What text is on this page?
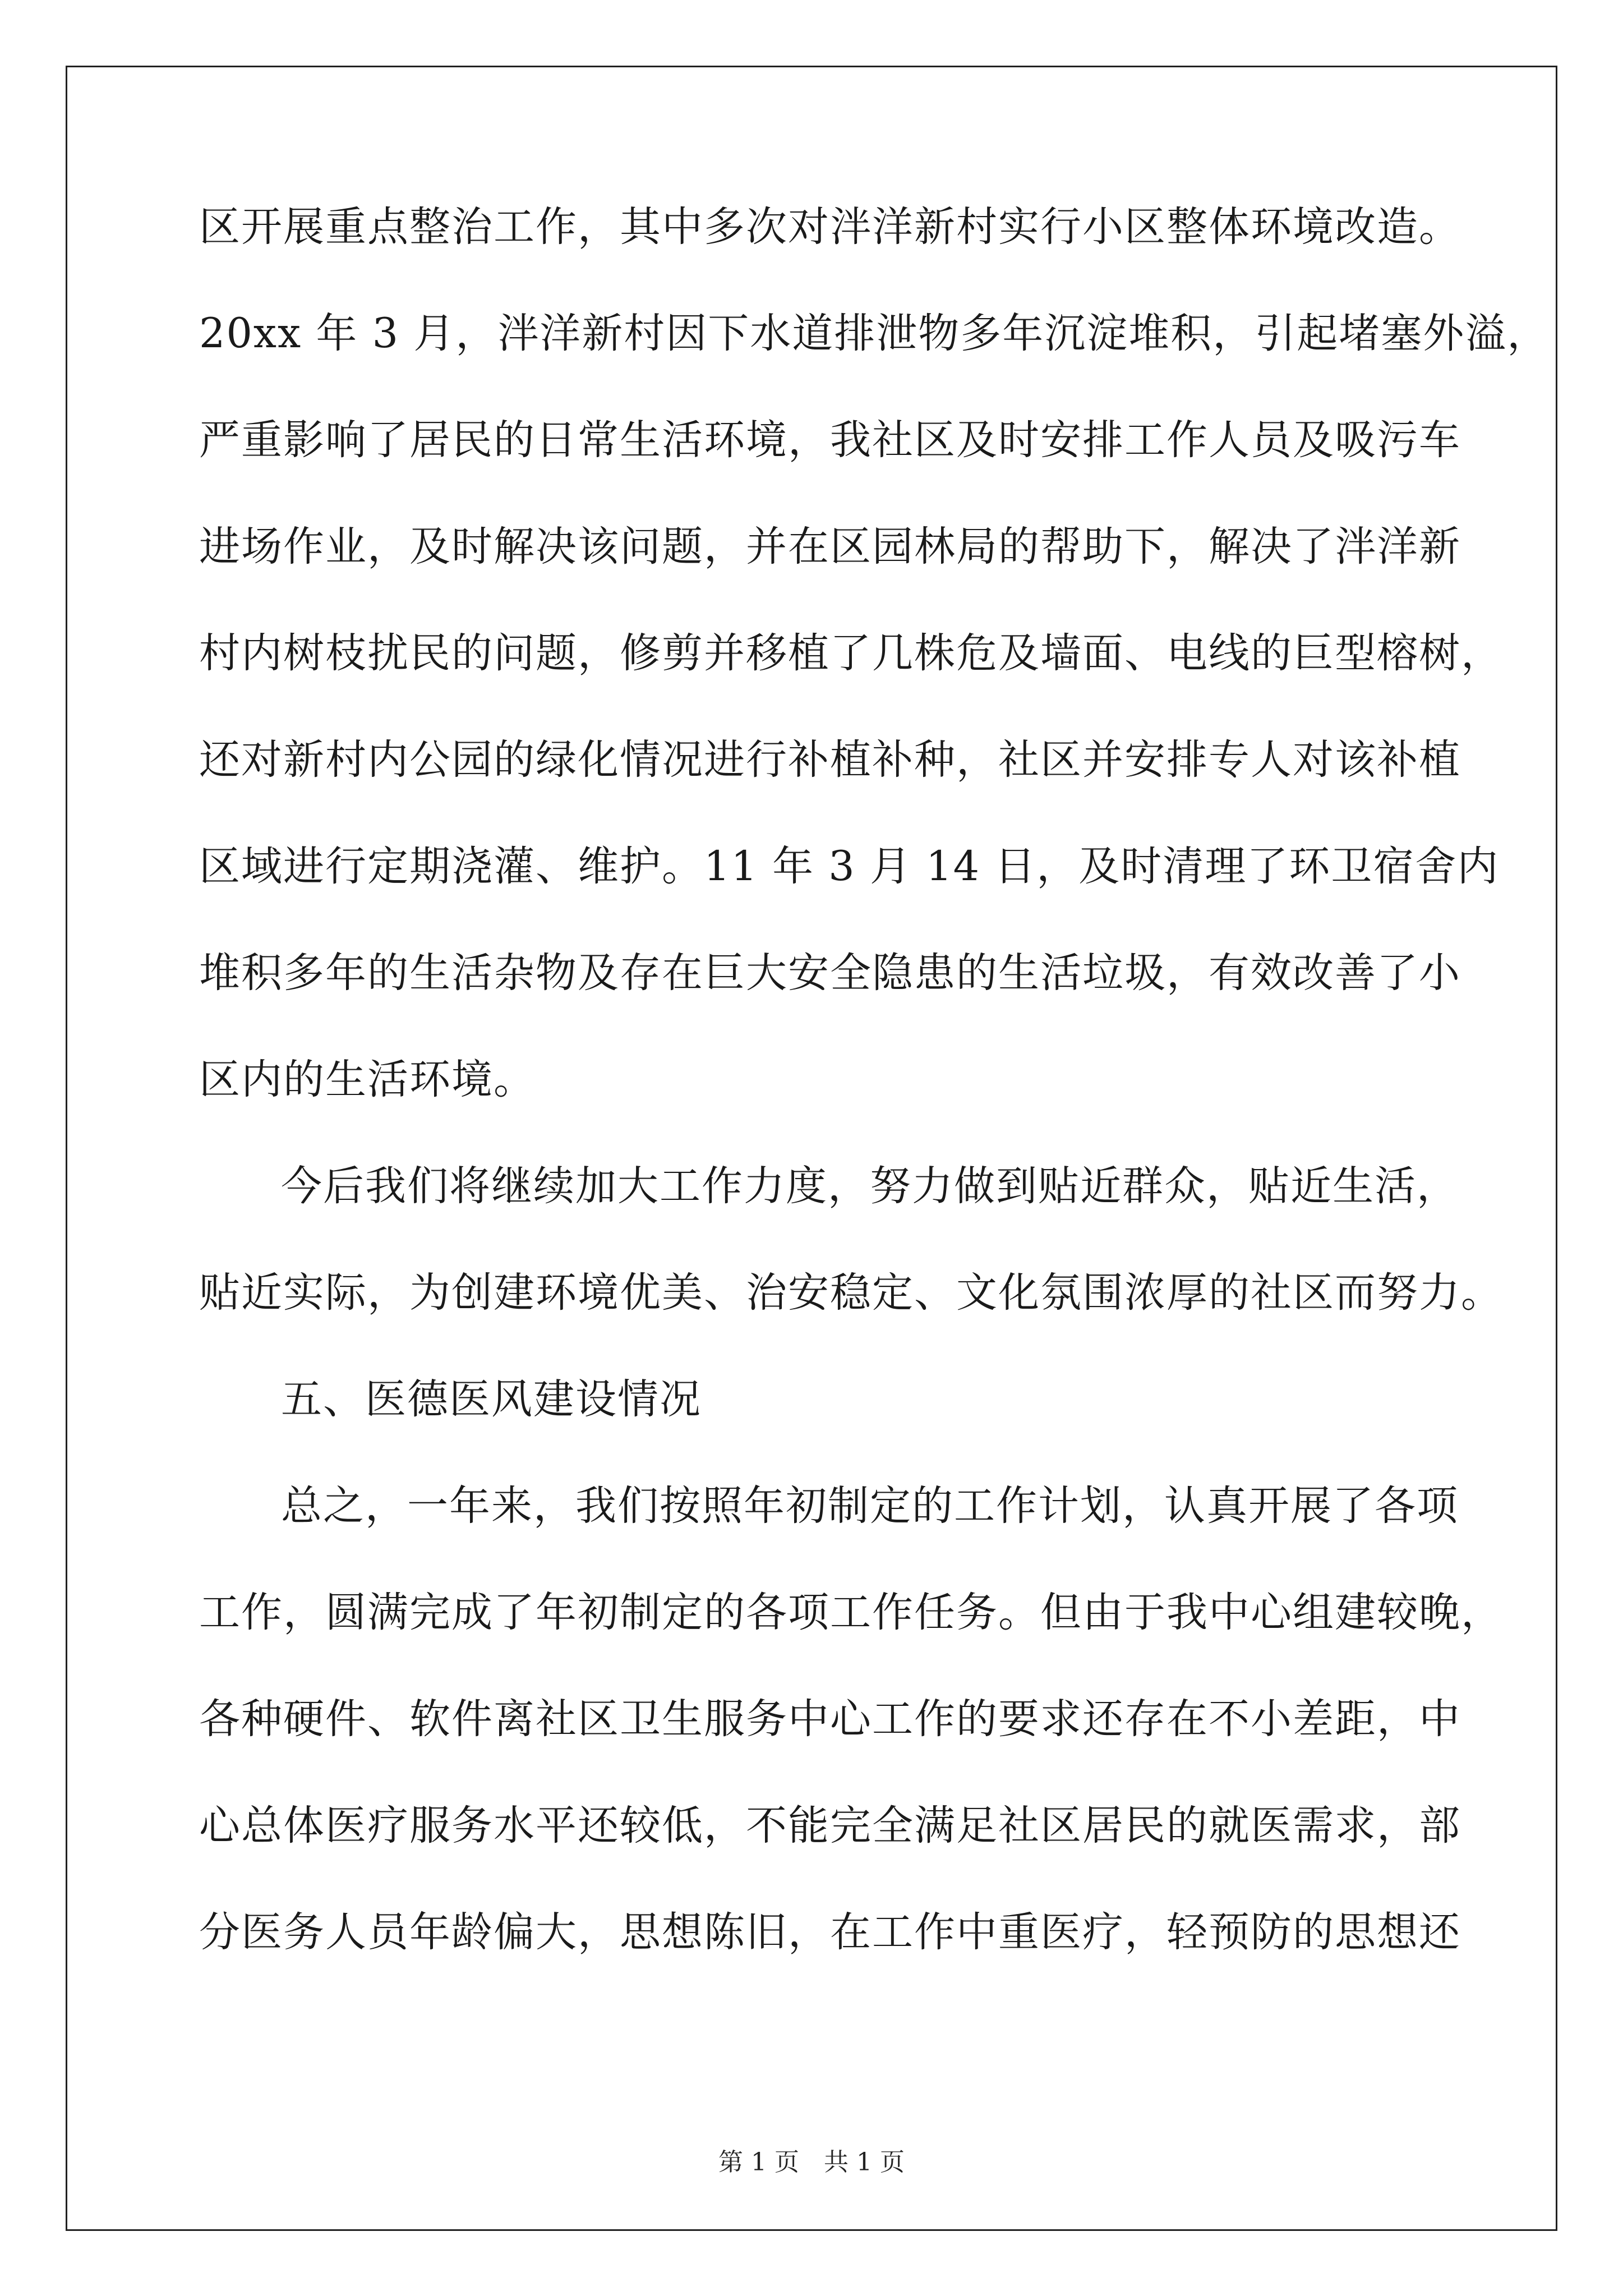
区开展重点整治工作，其中多次对泮洋新村实行小区整体环境改造。
20xx 年 3 月，泮洋新村因下水道排泄物多年沉淀堆积，引起堵塞外溢，
严重影响了居民的日常生活环境，我社区及时安排工作人员及吸污车
进场作业，及时解决该问题，并在区园林局的帮助下，解决了泮洋新
村内树枝扰民的问题，修剪并移植了几株危及墙面、电线的巨型榕树，
还对新村内公园的绿化情况进行补植补种，社区并安排专人对该补植
区域进行定期浇灌、维护。11 年 3 月 14 日，及时清理了环卫宿舍内
堆积多年的生活杂物及存在巨大安全隐患的生活垃圾，有效改善了小
区内的生活环境。
今后我们将继续加大工作力度，努力做到贴近群众，贴近生活，
贴近实际，为创建环境优美、治安稳定、文化氛围浓厚的社区而努力。
五、医德医风建设情况
总之，一年来，我们按照年初制定的工作计划，认真开展了各项
工作，圆满完成了年初制定的各项工作任务。但由于我中心组建较晚，
各种硬件、软件离社区卫生服务中心工作的要求还存在不小差距，中
心总体医疗服务水平还较低，不能完全满足社区居民的就医需求，部
分医务人员年龄偏大，思想陈旧，在工作中重医疗，轻预防的思想还
第 1 页　共 1 页
